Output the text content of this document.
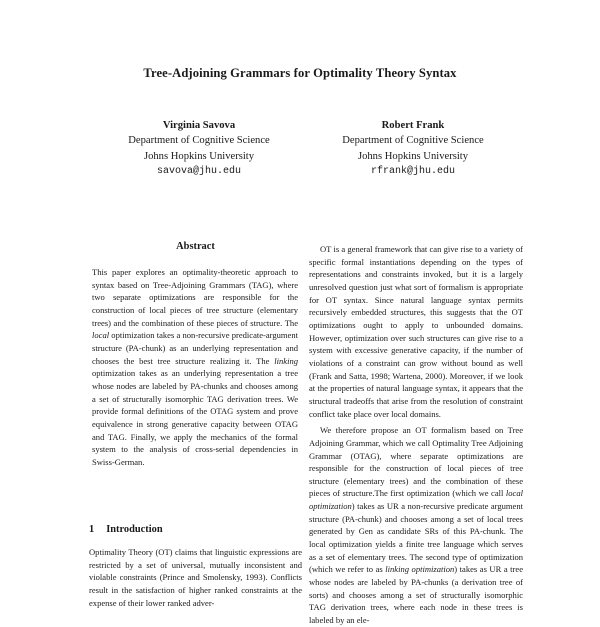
Tree-Adjoining Grammars for Optimality Theory Syntax
Virginia Savova
Department of Cognitive Science
Johns Hopkins University
savova@jhu.edu
Robert Frank
Department of Cognitive Science
Johns Hopkins University
rfrank@jhu.edu
Abstract

This paper explores an optimality-theoretic approach to syntax based on Tree-Adjoining Grammars (TAG), where two separate optimizations are responsible for the construction of local pieces of tree structure (elementary trees) and the combination of these pieces of structure. The local optimization takes a non-recursive predicate-argument structure (PA-chunk) as an underlying representation and chooses the best tree structure realizing it. The linking optimization takes as an underlying representation a tree whose nodes are labeled by PA-chunks and chooses among a set of structurally isomorphic TAG derivation trees. We provide formal definitions of the OTAG system and prove equivalence in strong generative capacity between OTAG and TAG. Finally, we apply the mechanics of the formal system to the analysis of cross-serial dependencies in Swiss-German.

1 Introduction

Optimality Theory (OT) claims that linguistic expressions are restricted by a set of universal, mutually inconsistent and violable constraints (Prince and Smolensky, 1993). Conflicts result in the satisfaction of higher ranked constraints at the expense of their lower ranked adver-

OT is a general framework that can give rise to a variety of specific formal instantiations depending on the types of representations and constraints invoked, but it is a largely unresolved question just what sort of formalism is appropriate for OT syntax. Since natural language syntax permits recursively embedded structures, this suggests that the OT optimizations ought to apply to unbounded domains. However, optimization over such structures can give rise to a system with excessive generative capacity, if the number of violations of a constraint can grow without bound as well (Frank and Satta, 1998; Wartena, 2000). Moreover, if we look at the properties of natural language syntax, it appears that the structural tradeoffs that arise from the resolution of constraint conflict take place over local domains.

We therefore propose an OT formalism based on Tree Adjoining Grammar, which we call Optimality Tree Adjoining Grammar (OTAG), where separate optimizations are responsible for the construction of local pieces of tree structure (elementary trees) and the combination of these pieces of structure.The first optimization (which we call local optimization) takes as UR a non-recursive predicate argument structure (PA-chunk) and chooses among a set of local trees generated by Gen as candidate SRs of this PA-chunk. The local optimization yields a finite tree language which serves as a set of elementary trees. The second type of optimization (which we refer to as linking optimization) takes as UR a tree whose nodes are labeled by PA-chunks (a derivation tree of sorts) and chooses among a set of structurally isomorphic TAG derivation trees, where each node in these trees is labeled by an ele-
